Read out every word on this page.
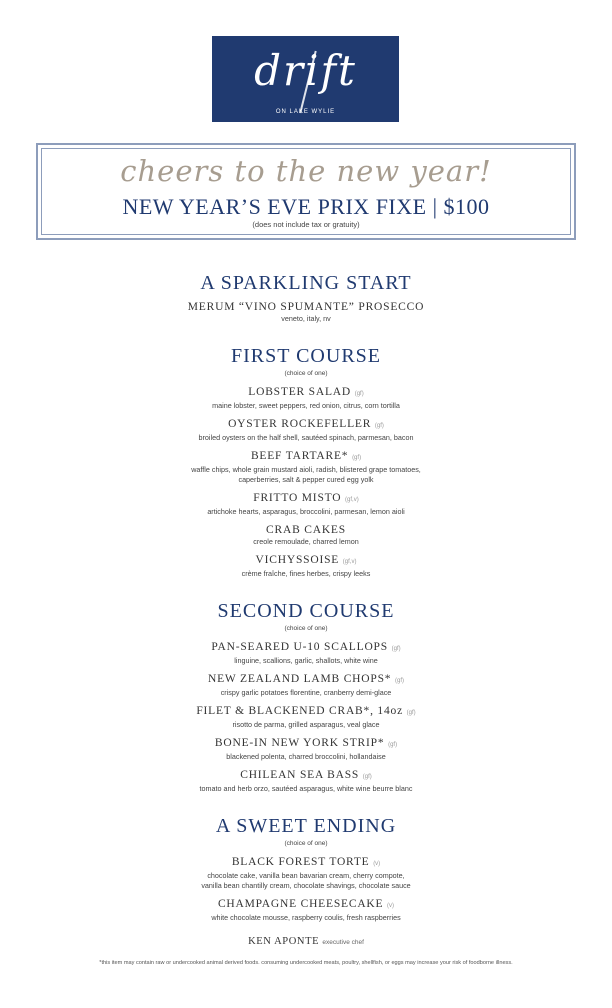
drift
ON LAKE WYLIE
cheers to the new year!
NEW YEAR’S EVE PRIX FIXE | $100
(does not include tax or gratuity)
A SPARKLING START
MERUM “VINO SPUMANTE” PROSECCO
veneto, italy, nv
FIRST COURSE
(choice of one)
LOBSTER SALAD (gf)
maine lobster, sweet peppers, red onion, citrus, corn tortilla
OYSTER ROCKEFELLER (gf)
broiled oysters on the half shell, sautéed spinach, parmesan, bacon
BEEF TARTARE* (gf)
waffle chips, whole grain mustard aioli, radish, blistered grape tomatoes,
caperberries, salt & pepper cured egg yolk
FRITTO MISTO (gf,v)
artichoke hearts, asparagus, broccolini, parmesan, lemon aioli
CRAB CAKES
creole remoulade, charred lemon
VICHYSSOISE (gf,v)
crème fraîche, fines herbes, crispy leeks
SECOND COURSE
(choice of one)
PAN-SEARED U-10 SCALLOPS (gf)
linguine, scallions, garlic, shallots, white wine
NEW ZEALAND LAMB CHOPS* (gf)
crispy garlic potatoes florentine, cranberry demi-glace
FILET & BLACKENED CRAB*, 14oz (gf)
risotto de parma, grilled asparagus, veal glace
BONE-IN NEW YORK STRIP* (gf)
blackened polenta, charred broccolini, hollandaise
CHILEAN SEA BASS (gf)
tomato and herb orzo, sautéed asparagus, white wine beurre blanc
A SWEET ENDING
(choice of one)
BLACK FOREST TORTE (v)
chocolate cake, vanilla bean bavarian cream, cherry compote,
vanilla bean chantilly cream, chocolate shavings, chocolate sauce
CHAMPAGNE CHEESECAKE (v)
white chocolate mousse, raspberry coulis, fresh raspberries
KEN APONTE executive chef
*this item may contain raw or undercooked animal derived foods. consuming undercooked meats, poultry, shellfish, or eggs may increase your risk of foodborne illness.
